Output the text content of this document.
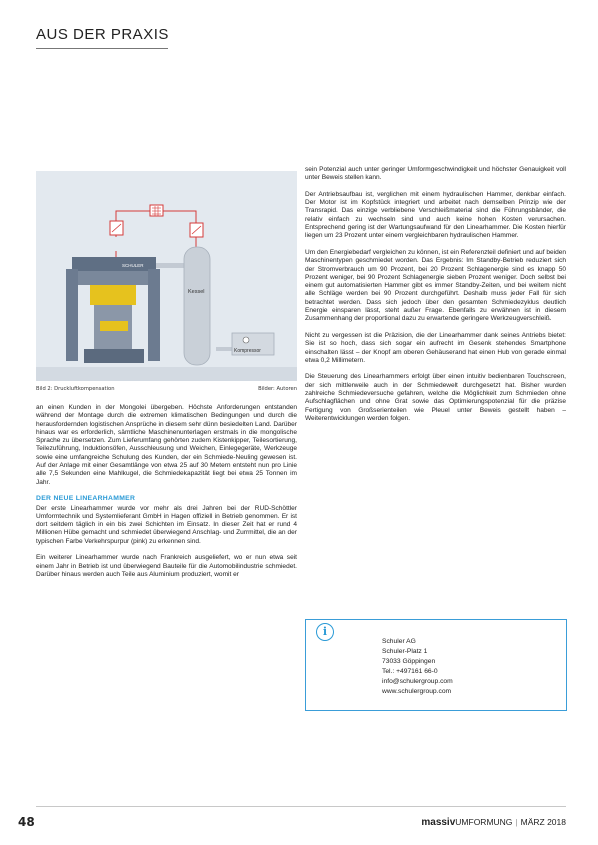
AUS DER PRAXIS
SCHULER
Kessel
Kompressor
Bild 2: Druckluftkompensation	Bilder: Autoren

an einen Kunden in der Mongolei übergeben. Höchste Anforderungen entstanden während der Montage durch die extremen klimatischen Bedingungen und durch die herausfordernden logistischen Ansprüche in diesem sehr dünn besiedelten Land. Darüber hinaus war es erforderlich, sämtliche Maschinenunterlagen erstmals in die mongolische Sprache zu übersetzen. Zum Lieferumfang gehörten zudem Kistenkipper, Teilesortierung, Teilezuführung, Induktionsöfen, Ausschleusung und Weichen, Einlegegeräte, Werkzeuge sowie eine umfangreiche Schulung des Kunden, der ein Schmiede-Neuling gewesen ist. Auf der Anlage mit einer Gesamtlänge von etwa 25 auf 30 Metern entsteht nun pro Linie alle 7,5 Sekunden eine Mahlkugel, die Schmiedekapazität liegt bei etwa 25 Tonnen im Jahr.

DER NEUE LINEARHAMMER

Der erste Linearhammer wurde vor mehr als drei Jahren bei der RUD-Schöttler Umformtechnik und Systemlieferant GmbH in Hagen offiziell in Betrieb genommen. Er ist dort seitdem täglich in ein bis zwei Schichten im Einsatz. In dieser Zeit hat er rund 4 Millionen Hübe gemacht und schmiedet überwiegend Anschlag- und Zurrmittel, die an der typischen Farbe Verkehrspurpur (pink) zu erkennen sind.

Ein weiterer Linearhammer wurde nach Frankreich ausgeliefert, wo er nun etwa seit einem Jahr in Betrieb ist und überwiegend Bauteile für die Automobilindustrie schmiedet. Darüber hinaus werden auch Teile aus Aluminium produziert, womit er

sein Potenzial auch unter geringer Umformgeschwindigkeit und höchster Genauigkeit voll unter Beweis stellen kann.

Der Antriebsaufbau ist, verglichen mit einem hydraulischen Hammer, denkbar einfach. Der Motor ist im Kopfstück integriert und arbeitet nach demselben Prinzip wie der Transrapid. Das einzige verbliebene Verschleißmaterial sind die Führungsbänder, die relativ einfach zu wechseln sind und auch keine hohen Kosten verursachen. Entsprechend gering ist der Wartungsaufwand für den Linearhammer. Die Kosten hierfür liegen um 23 Prozent unter einem vergleichbaren hydraulischen Hammer.

Um den Energiebedarf vergleichen zu können, ist ein Referenzteil definiert und auf beiden Maschinentypen geschmiedet worden. Das Ergebnis: Im Standby-Betrieb reduziert sich der Stromverbrauch um 90 Prozent, bei 20 Prozent Schlagenergie sind es knapp 50 Prozent weniger, bei 90 Prozent Schlagenergie sieben Prozent weniger. Doch selbst bei einem gut automatisierten Hammer gibt es immer Standby-Zeiten, und bei weitem nicht alle Schläge werden bei 90 Prozent durchgeführt. Deshalb muss jeder Fall für sich betrachtet werden. Dass sich jedoch über den gesamten Schmiedezyklus deutlich Energie einsparen lässt, steht außer Frage. Ebenfalls zu erwähnen ist in diesem Zusammenhang der proportional dazu zu erwartende geringere Werkzeugverschleiß.

Nicht zu vergessen ist die Präzision, die der Linearhammer dank seines Antriebs bietet: Sie ist so hoch, dass sich sogar ein aufrecht im Gesenk stehendes Smartphone einschalten lässt – der Knopf am oberen Gehäuserand hat einen Hub von gerade einmal etwa 0,2 Millimetern.

Die Steuerung des Linearhammers erfolgt über einen intuitiv bedienbaren Touchscreen, der sich mittlerweile auch in der Schmiedewelt durchgesetzt hat. Bisher wurden zahlreiche Schmiedeversuche gefahren, welche die Möglichkeit zum Schmieden ohne Aufschlagflächen und ohne Grat sowie das Optimierungspotenzial für die präzise Fertigung von Großserienteilen wie Pleuel unter Beweis gestellt haben – Weiterentwicklungen werden folgen.

i
Schuler AG
Schuler-Platz 1
73033 Göppingen
Tel.: +497161 66-0
info@schulergroup.com
www.schulergroup.com
48	massivUMFORMUNG | MÄRZ 2018
